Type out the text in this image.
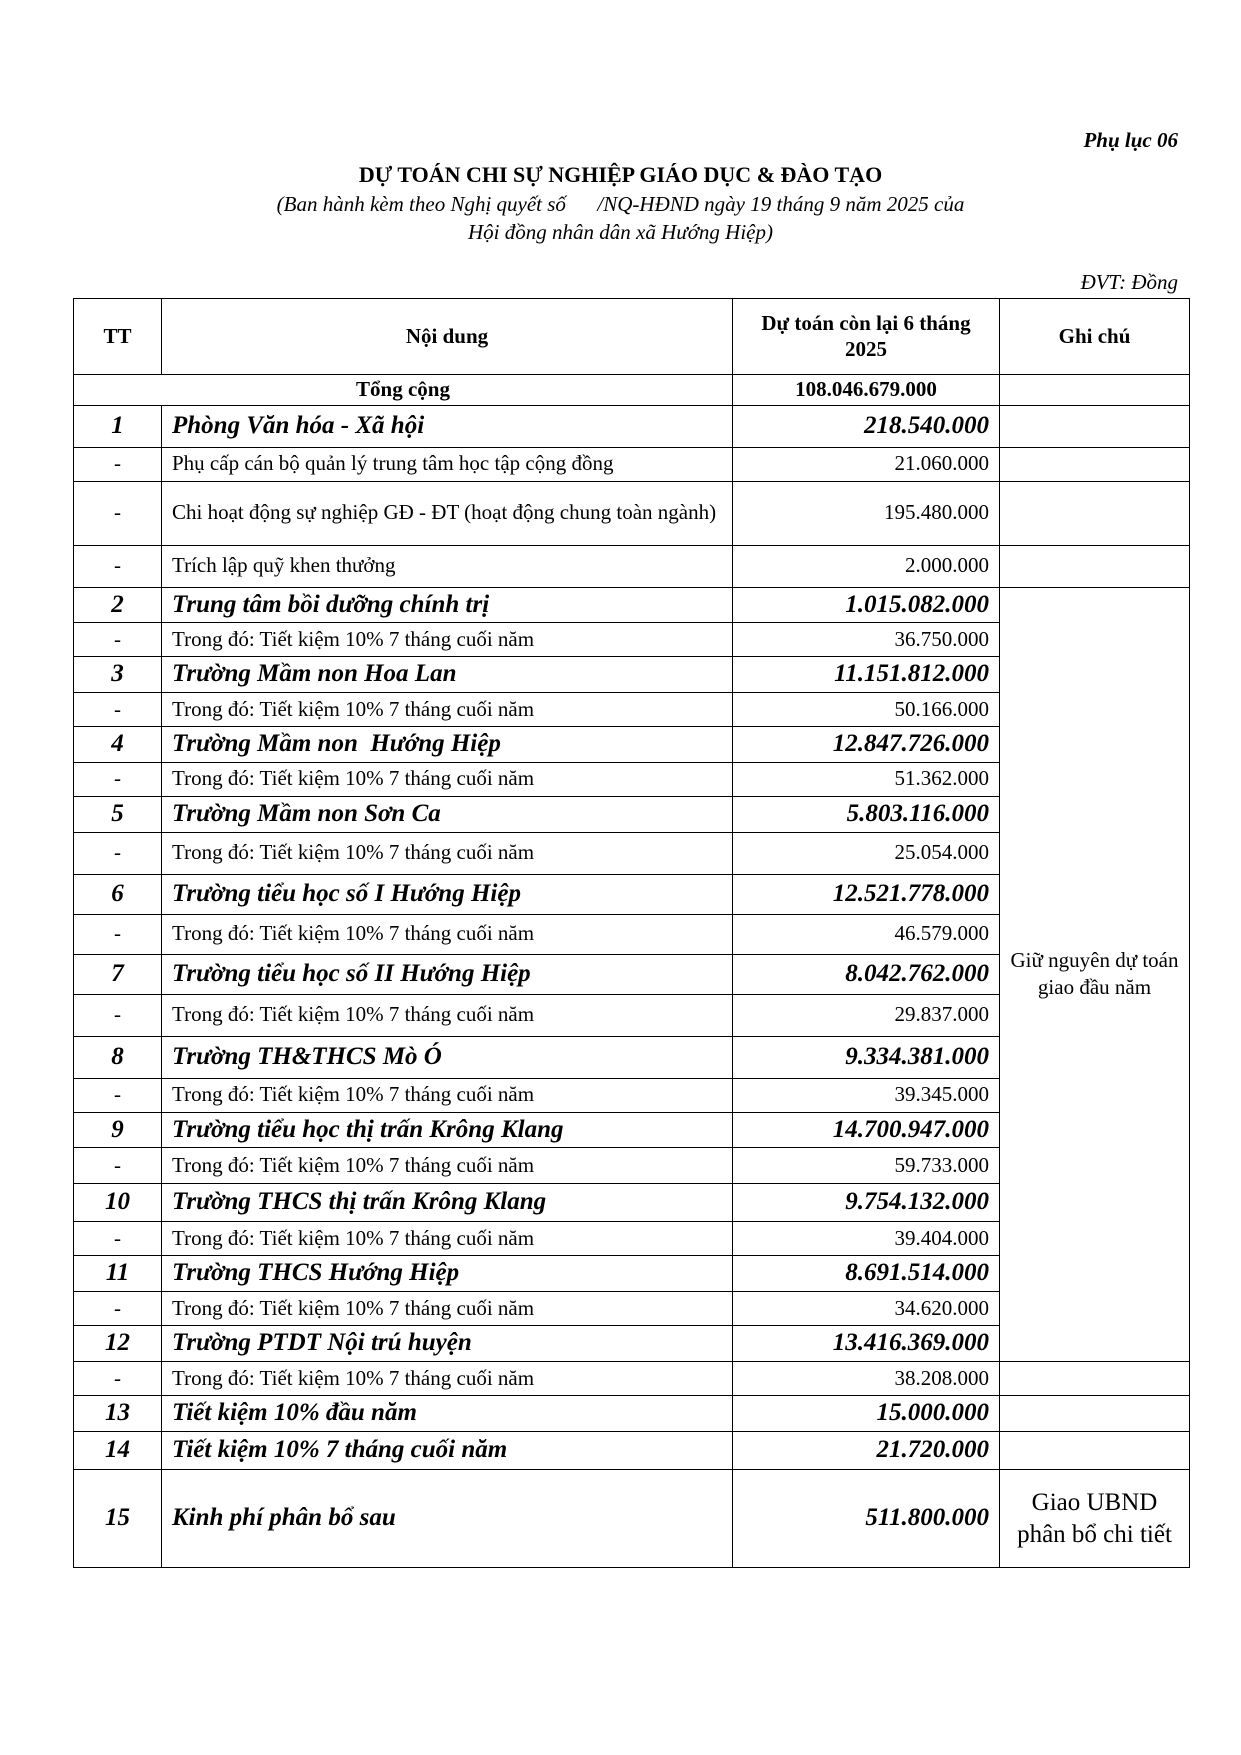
Phụ lục 06
DỰ TOÁN CHI SỰ NGHIỆP GIÁO DỤC & ĐÀO TẠO
(Ban hành kèm theo Nghị quyết số      /NQ-HĐND ngày 19 tháng 9 năm 2025 của
Hội đồng nhân dân xã Hướng Hiệp)
ĐVT: Đồng
TT	Nội dung	Dự toán còn lại 6 tháng 2025	Ghi chú
Tổng cộng		108.046.679.000	
1	Phòng Văn hóa - Xã hội	218.540.000	
-	Phụ cấp cán bộ quản lý trung tâm học tập cộng đồng	21.060.000	
-	Chi hoạt động sự nghiệp GĐ - ĐT (hoạt động chung toàn ngành)	195.480.000	
-	Trích lập quỹ khen thưởng	2.000.000	
2	Trung tâm bồi dưỡng chính trị	1.015.082.000	Giữ nguyên dự toán giao đầu năm
-	Trong đó: Tiết kiệm 10% 7 tháng cuối năm	36.750.000	
3	Trường Mầm non Hoa Lan	11.151.812.000	
-	Trong đó: Tiết kiệm 10% 7 tháng cuối năm	50.166.000	
4	Trường Mầm non  Hướng Hiệp	12.847.726.000	
-	Trong đó: Tiết kiệm 10% 7 tháng cuối năm	51.362.000	
5	Trường Mầm non Sơn Ca	5.803.116.000	
-	Trong đó: Tiết kiệm 10% 7 tháng cuối năm	25.054.000	
6	Trường tiểu học số I Hướng Hiệp	12.521.778.000	
-	Trong đó: Tiết kiệm 10% 7 tháng cuối năm	46.579.000	
7	Trường tiểu học số II Hướng Hiệp	8.042.762.000	
-	Trong đó: Tiết kiệm 10% 7 tháng cuối năm	29.837.000	
8	Trường TH&THCS Mò Ó	9.334.381.000	
-	Trong đó: Tiết kiệm 10% 7 tháng cuối năm	39.345.000	
9	Trường tiểu học thị trấn Krông Klang	14.700.947.000	
-	Trong đó: Tiết kiệm 10% 7 tháng cuối năm	59.733.000	
10	Trường THCS thị trấn Krông Klang	9.754.132.000	
-	Trong đó: Tiết kiệm 10% 7 tháng cuối năm	39.404.000	
11	Trường THCS Hướng Hiệp	8.691.514.000	
-	Trong đó: Tiết kiệm 10% 7 tháng cuối năm	34.620.000	
12	Trường PTDT Nội trú huyện	13.416.369.000	
-	Trong đó: Tiết kiệm 10% 7 tháng cuối năm	38.208.000	
13	Tiết kiệm 10% đầu năm	15.000.000	
14	Tiết kiệm 10% 7 tháng cuối năm	21.720.000	
15	Kinh phí phân bổ sau	511.800.000	Giao UBND phân bổ chi tiết
